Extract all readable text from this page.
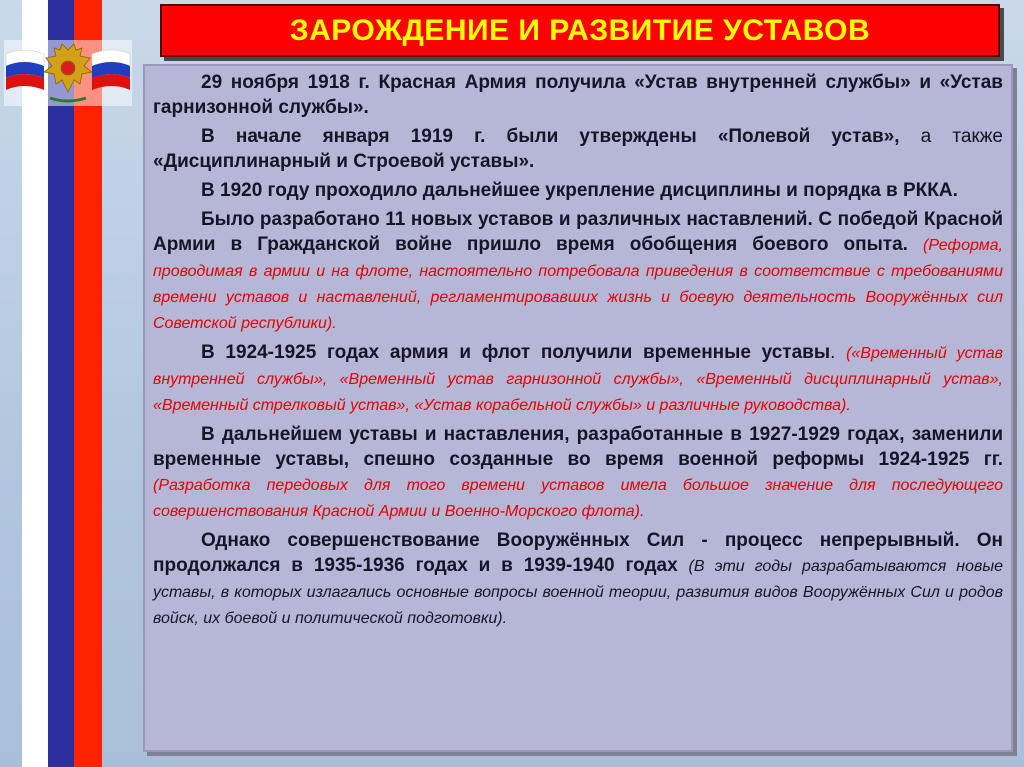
ЗАРОЖДЕНИЕ И РАЗВИТИЕ УСТАВОВ

29 ноября 1918 г. Красная Армия получила «Устав внутренней службы» и «Устав гарнизонной службы».

В начале января 1919 г. были утверждены «Полевой устав», а также «Дисциплинарный и Строевой уставы».

В 1920 году проходило дальнейшее укрепление дисциплины и порядка в РККА.

Было разработано 11 новых уставов и различных наставлений. С победой Красной Армии в Гражданской войне пришло время обобщения боевого опыта. (Реформа, проводимая в армии и на флоте, настоятельно потребовала приведения в соответствие с требованиями времени уставов и наставлений, регламентировавших жизнь и боевую деятельность Вооружённых сил Советской республики).

В 1924-1925 годах армия и флот получили временные уставы. («Временный устав внутренней службы», «Временный устав гарнизонной службы», «Временный дисциплинарный устав», «Временный стрелковый устав», «Устав корабельной службы» и различные руководства).

В дальнейшем уставы и наставления, разработанные в 1927-1929 годах, заменили временные уставы, спешно созданные во время военной реформы 1924-1925 гг. (Разработка передовых для того времени уставов имела большое значение для последующего совершенствования Красной Армии и Военно-Морского флота).

Однако совершенствование Вооружённых Сил - процесс непрерывный. Он продолжался в 1935-1936 годах и в 1939-1940 годах (В эти годы разрабатываются новые уставы, в которых излагались основные вопросы военной теории, развития видов Вооружённых Сил и родов войск, их боевой и политической подготовки).
